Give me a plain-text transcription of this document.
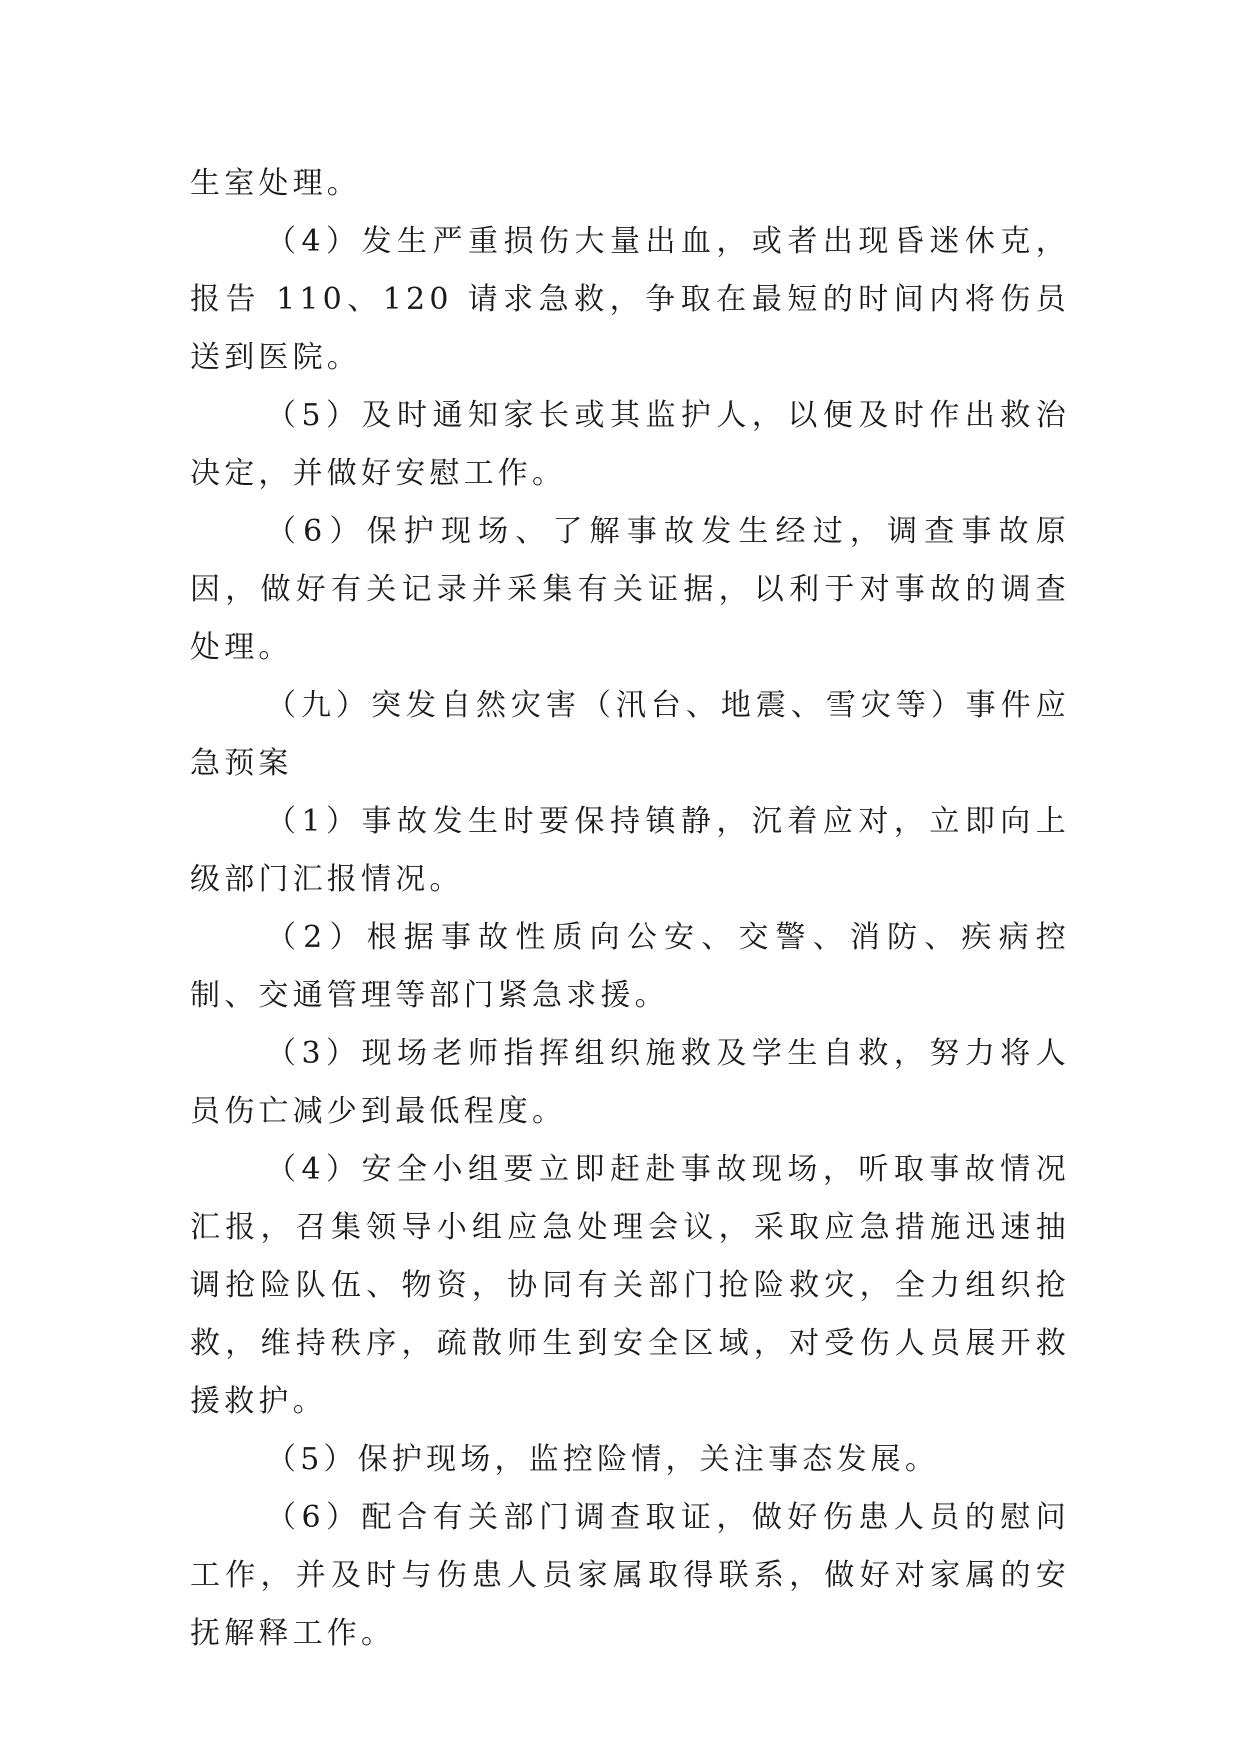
生室处理。

（4）发生严重损伤大量出血，或者出现昏迷休克，报告 110、120 请求急救，争取在最短的时间内将伤员送到医院。

（5）及时通知家长或其监护人，以便及时作出救治决定，并做好安慰工作。

（6）保护现场、了解事故发生经过，调查事故原因，做好有关记录并采集有关证据，以利于对事故的调查处理。

（九）突发自然灾害（汛台、地震、雪灾等）事件应急预案

（1）事故发生时要保持镇静，沉着应对，立即向上级部门汇报情况。

（2）根据事故性质向公安、交警、消防、疾病控制、交通管理等部门紧急求援。

（3）现场老师指挥组织施救及学生自救，努力将人员伤亡减少到最低程度。

（4）安全小组要立即赶赴事故现场，听取事故情况汇报，召集领导小组应急处理会议，采取应急措施迅速抽调抢险队伍、物资，协同有关部门抢险救灾，全力组织抢救，维持秩序，疏散师生到安全区域，对受伤人员展开救援救护。

（5）保护现场，监控险情，关注事态发展。

（6）配合有关部门调查取证，做好伤患人员的慰问工作，并及时与伤患人员家属取得联系，做好对家属的安抚解释工作。
